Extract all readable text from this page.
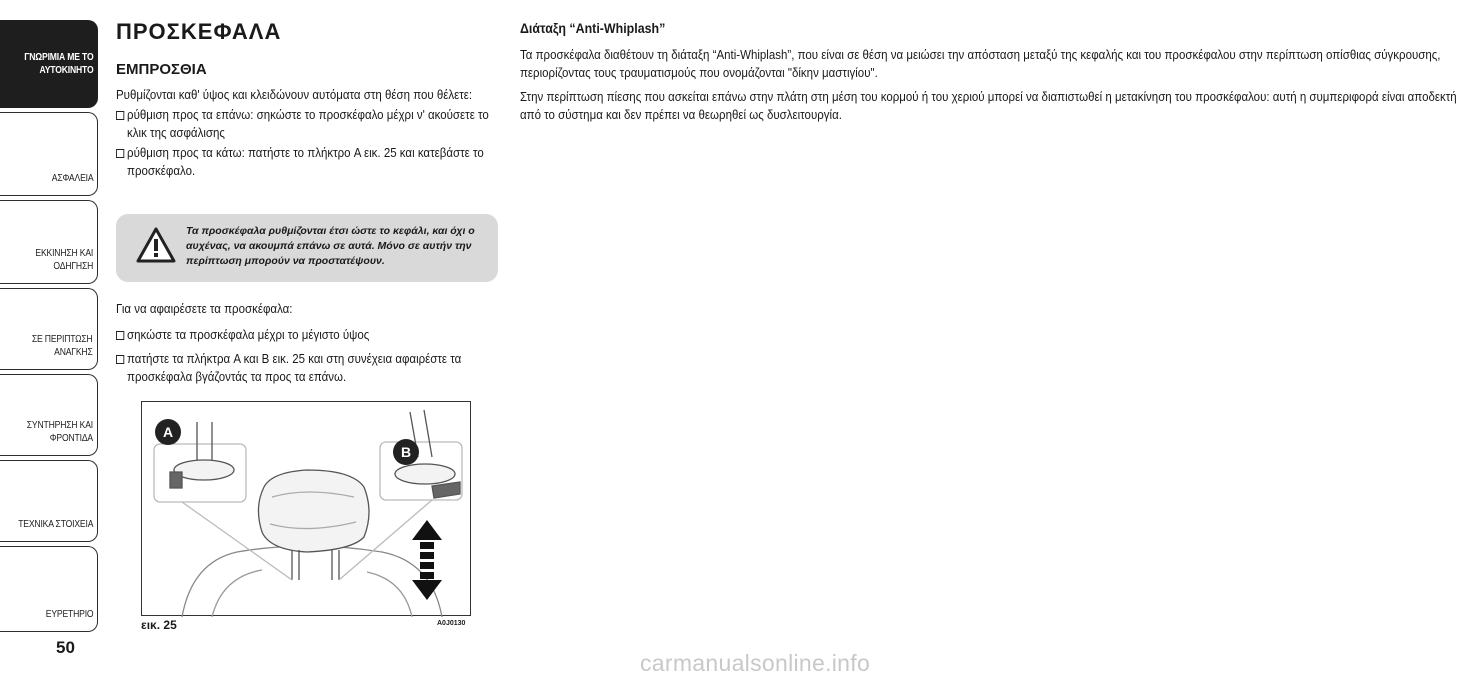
ΓΝΩΡΙΜΙΑ ΜΕ ΤΟ
ΑΥΤΟΚΙΝΗΤΟ
ΑΣΦΑΛΕΙΑ
ΕΚΚΙΝΗΣΗ ΚΑΙ
ΟΔΗΓΗΣΗ
ΣΕ ΠΕΡΙΠΤΩΣΗ
ΑΝΑΓΚΗΣ
ΣΥΝΤΗΡΗΣΗ ΚΑΙ
ΦΡΟΝΤΙΔΑ
ΤΕΧΝΙΚΑ ΣΤΟΙΧΕΙΑ
ΕΥΡΕΤΗΡΙΟ
50
ΠΡΟΣΚΕΦΑΛΑ
ΕΜΠΡΟΣΘΙΑ

Ρυθμίζονται καθ' ύψος και κλειδώνουν αυτόματα στη θέση που θέλετε:

ρύθμιση προς τα επάνω: σηκώστε το προσκέφαλο μέχρι ν' ακούσετε το κλικ της ασφάλισης
ρύθμιση προς τα κάτω: πατήστε το πλήκτρο A εικ. 25 και κατεβάστε το προσκέφαλο.
Τα προσκέφαλα ρυθμίζονται έτσι ώστε το κεφάλι, και όχι ο αυχένας, να ακουμπά επάνω σε αυτά. Μόνο σε αυτήν την περίπτωση μπορούν να προστατέψουν.

Για να αφαιρέσετε τα προσκέφαλα:

σηκώστε τα προσκέφαλα μέχρι το μέγιστο ύψος
πατήστε τα πλήκτρα A και B εικ. 25 και στη συνέχεια αφαιρέστε τα προσκέφαλα βγάζοντάς τα προς τα επάνω.
A
B
εικ. 25	A0J0130
Διάταξη “Anti-Whiplash”

Τα προσκέφαλα διαθέτουν τη διάταξη “Anti-Whiplash”, που είναι σε θέση να μειώσει την απόσταση μεταξύ της κεφαλής και του προσκέφαλου στην περίπτωση οπίσθιας σύγκρουσης, περιορίζοντας τους τραυματισμούς που ονομάζονται "δίκην μαστιγίου".

Στην περίπτωση πίεσης που ασκείται επάνω στην πλάτη στη μέση του κορμού ή του χεριού μπορεί να διαπιστωθεί η μετακίνηση του προσκέφαλου: αυτή η συμπεριφορά είναι αποδεκτή από το σύστημα και δεν πρέπει να θεωρηθεί ως δυσλειτουργία.

carmanualsonline.info
